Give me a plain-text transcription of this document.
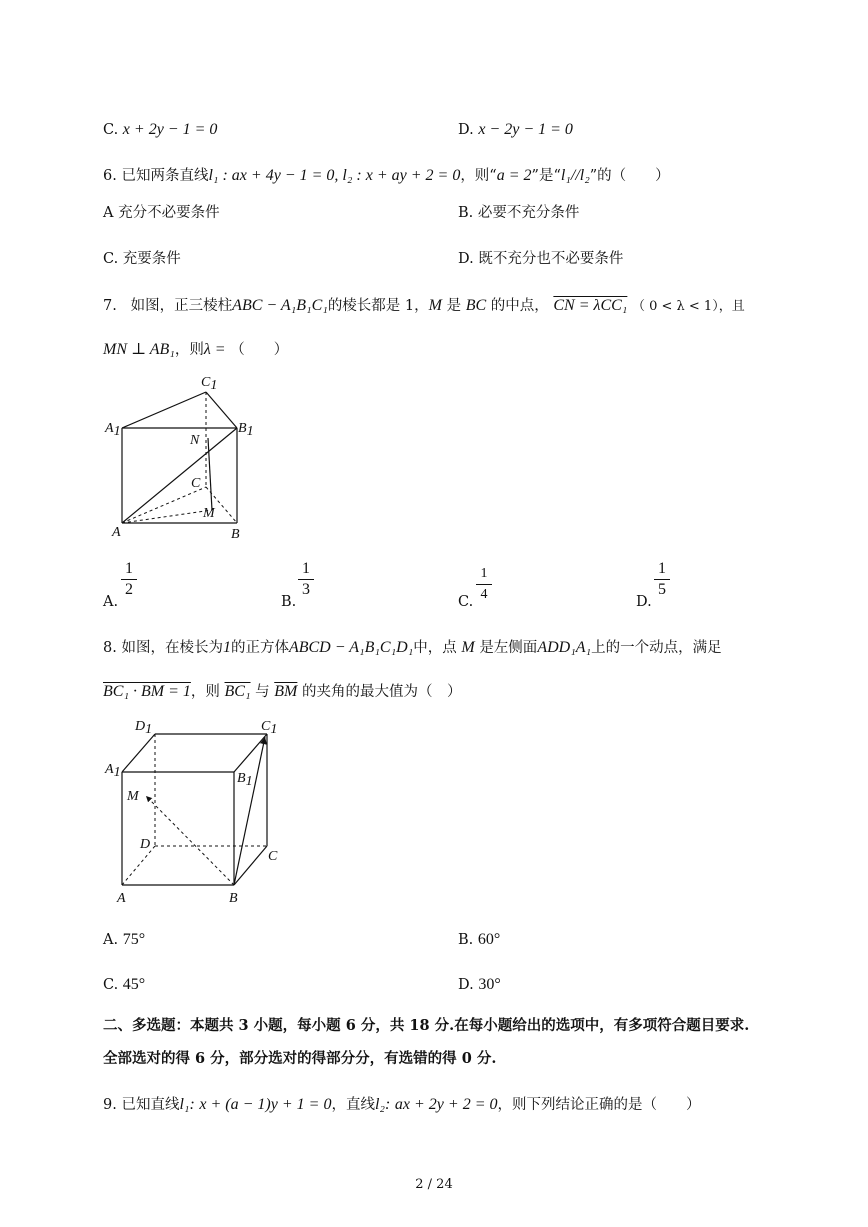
C. x + 2y − 1 = 0	D. x − 2y − 1 = 0
6. 已知两条直线l₁ : ax + 4y − 1 = 0, l₂ : x + ay + 2 = 0，则“a = 2”是“l₁//l₂”的（　　）
A 充分不必要条件	B. 必要不充分条件
C. 充要条件	D. 既不充分也不必要条件
7. 如图，正三棱柱ABC − A₁B₁C₁的棱长都是 1，M 是 BC 的中点， CN = λCC₁ （ 0 < λ < 1），且
MN ⊥ AB₁，则λ = （　　）
C1
A1	B1
N
C
M
A	B
A.
1
2
B.
1
3
C.
1
4	D.
1
5
8. 如图，在棱长为1的正方体ABCD − A₁B₁C₁D₁中，点 M 是左侧面ADD₁A₁上的一个动点，满足
BC₁ · BM = 1，则 BC₁ 与 $\overline{BM}$ 的夹角的最大值为（　）
D1	C1
A1	B1
M
D
C
A	B
A. 75°	B. 60°
C. 45°	D. 30°
二、多选题：本题共 3 小题，每小题 6 分，共 18 分.在每小题给出的选项中，有多项符合题目要求.
全部选对的得 6 分，部分选对的得部分分，有选错的得 0 分.
9. 已知直线l₁: x + (a − 1)y + 1 = 0，直线l₂: ax + 2y + 2 = 0，则下列结论正确的是（　　）
2 / 24
